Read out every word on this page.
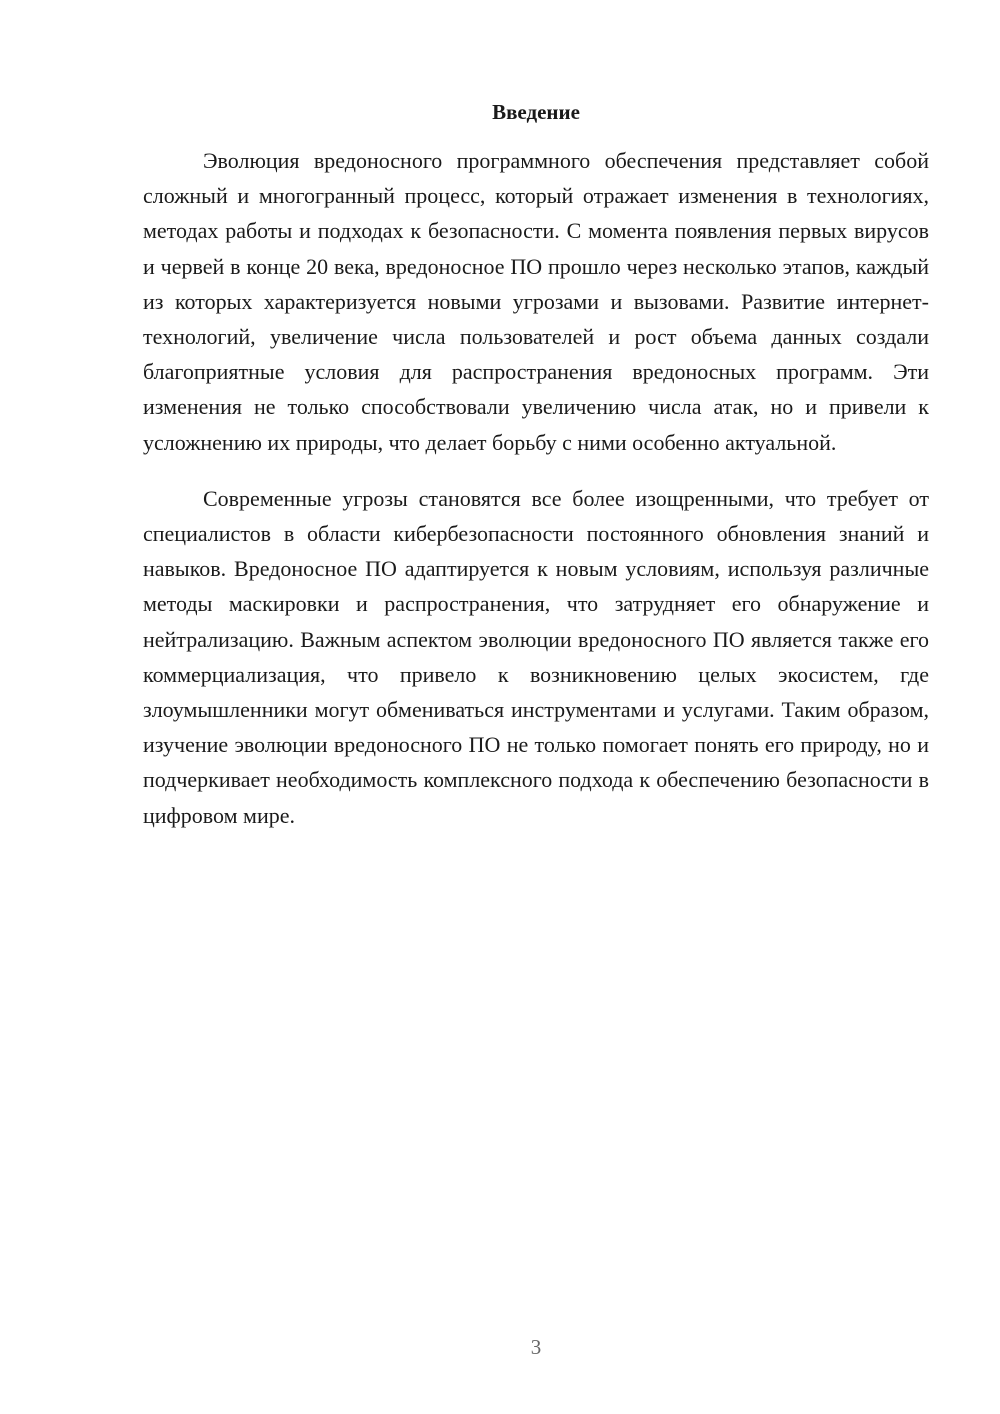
Введение

Эволюция вредоносного программного обеспечения представляет собой сложный и многогранный процесс, который отражает изменения в технологиях, методах работы и подходах к безопасности. С момента появления первых вирусов и червей в конце 20 века, вредоносное ПО прошло через несколько этапов, каждый из которых характеризуется новыми угрозами и вызовами. Развитие интернет-технологий, увеличение числа пользователей и рост объема данных создали благоприятные условия для распространения вредоносных программ. Эти изменения не только способствовали увеличению числа атак, но и привели к усложнению их природы, что делает борьбу с ними особенно актуальной.

Современные угрозы становятся все более изощренными, что требует от специалистов в области кибербезопасности постоянного обновления знаний и навыков. Вредоносное ПО адаптируется к новым условиям, используя различные методы маскировки и распространения, что затрудняет его обнаружение и нейтрализацию. Важным аспектом эволюции вредоносного ПО является также его коммерциализация, что привело к возникновению целых экосистем, где злоумышленники могут обмениваться инструментами и услугами. Таким образом, изучение эволюции вредоносного ПО не только помогает понять его природу, но и подчеркивает необходимость комплексного подхода к обеспечению безопасности в цифровом мире.

3
